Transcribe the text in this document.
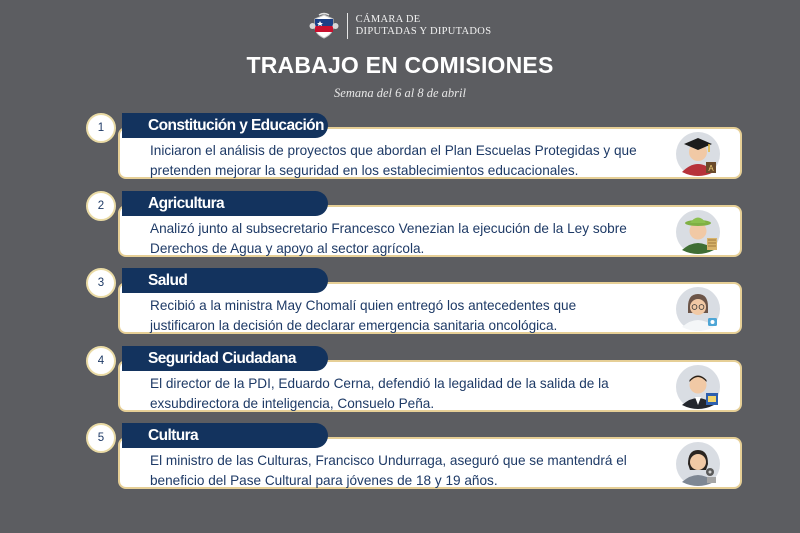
CÁMARA DE
DIPUTADAS Y DIPUTADOS
TRABAJO EN COMISIONES
Semana del 6 al 8 de abril
Iniciaron el análisis de proyectos que abordan el Plan Escuelas Protegidas y que
pretenden mejorar la seguridad en los establecimientos educacionales.
Constitución y Educación
1
A
Analizó junto al subsecretario Francesco Venezian la ejecución de la Ley sobre
Derechos de Agua y apoyo al sector agrícola.
Agricultura
2
Recibió a la ministra May Chomalí quien entregó los antecedentes que
justificaron la decisión de declarar emergencia sanitaria oncológica.
Salud
3
El director de la PDI, Eduardo Cerna, defendió la legalidad de la salida de la
exsubdirectora de inteligencia, Consuelo Peña.
Seguridad Ciudadana
4
El ministro de las Culturas, Francisco Undurraga, aseguró que se mantendrá el
beneficio del Pase Cultural para jóvenes de 18 y 19 años.
Cultura
5
